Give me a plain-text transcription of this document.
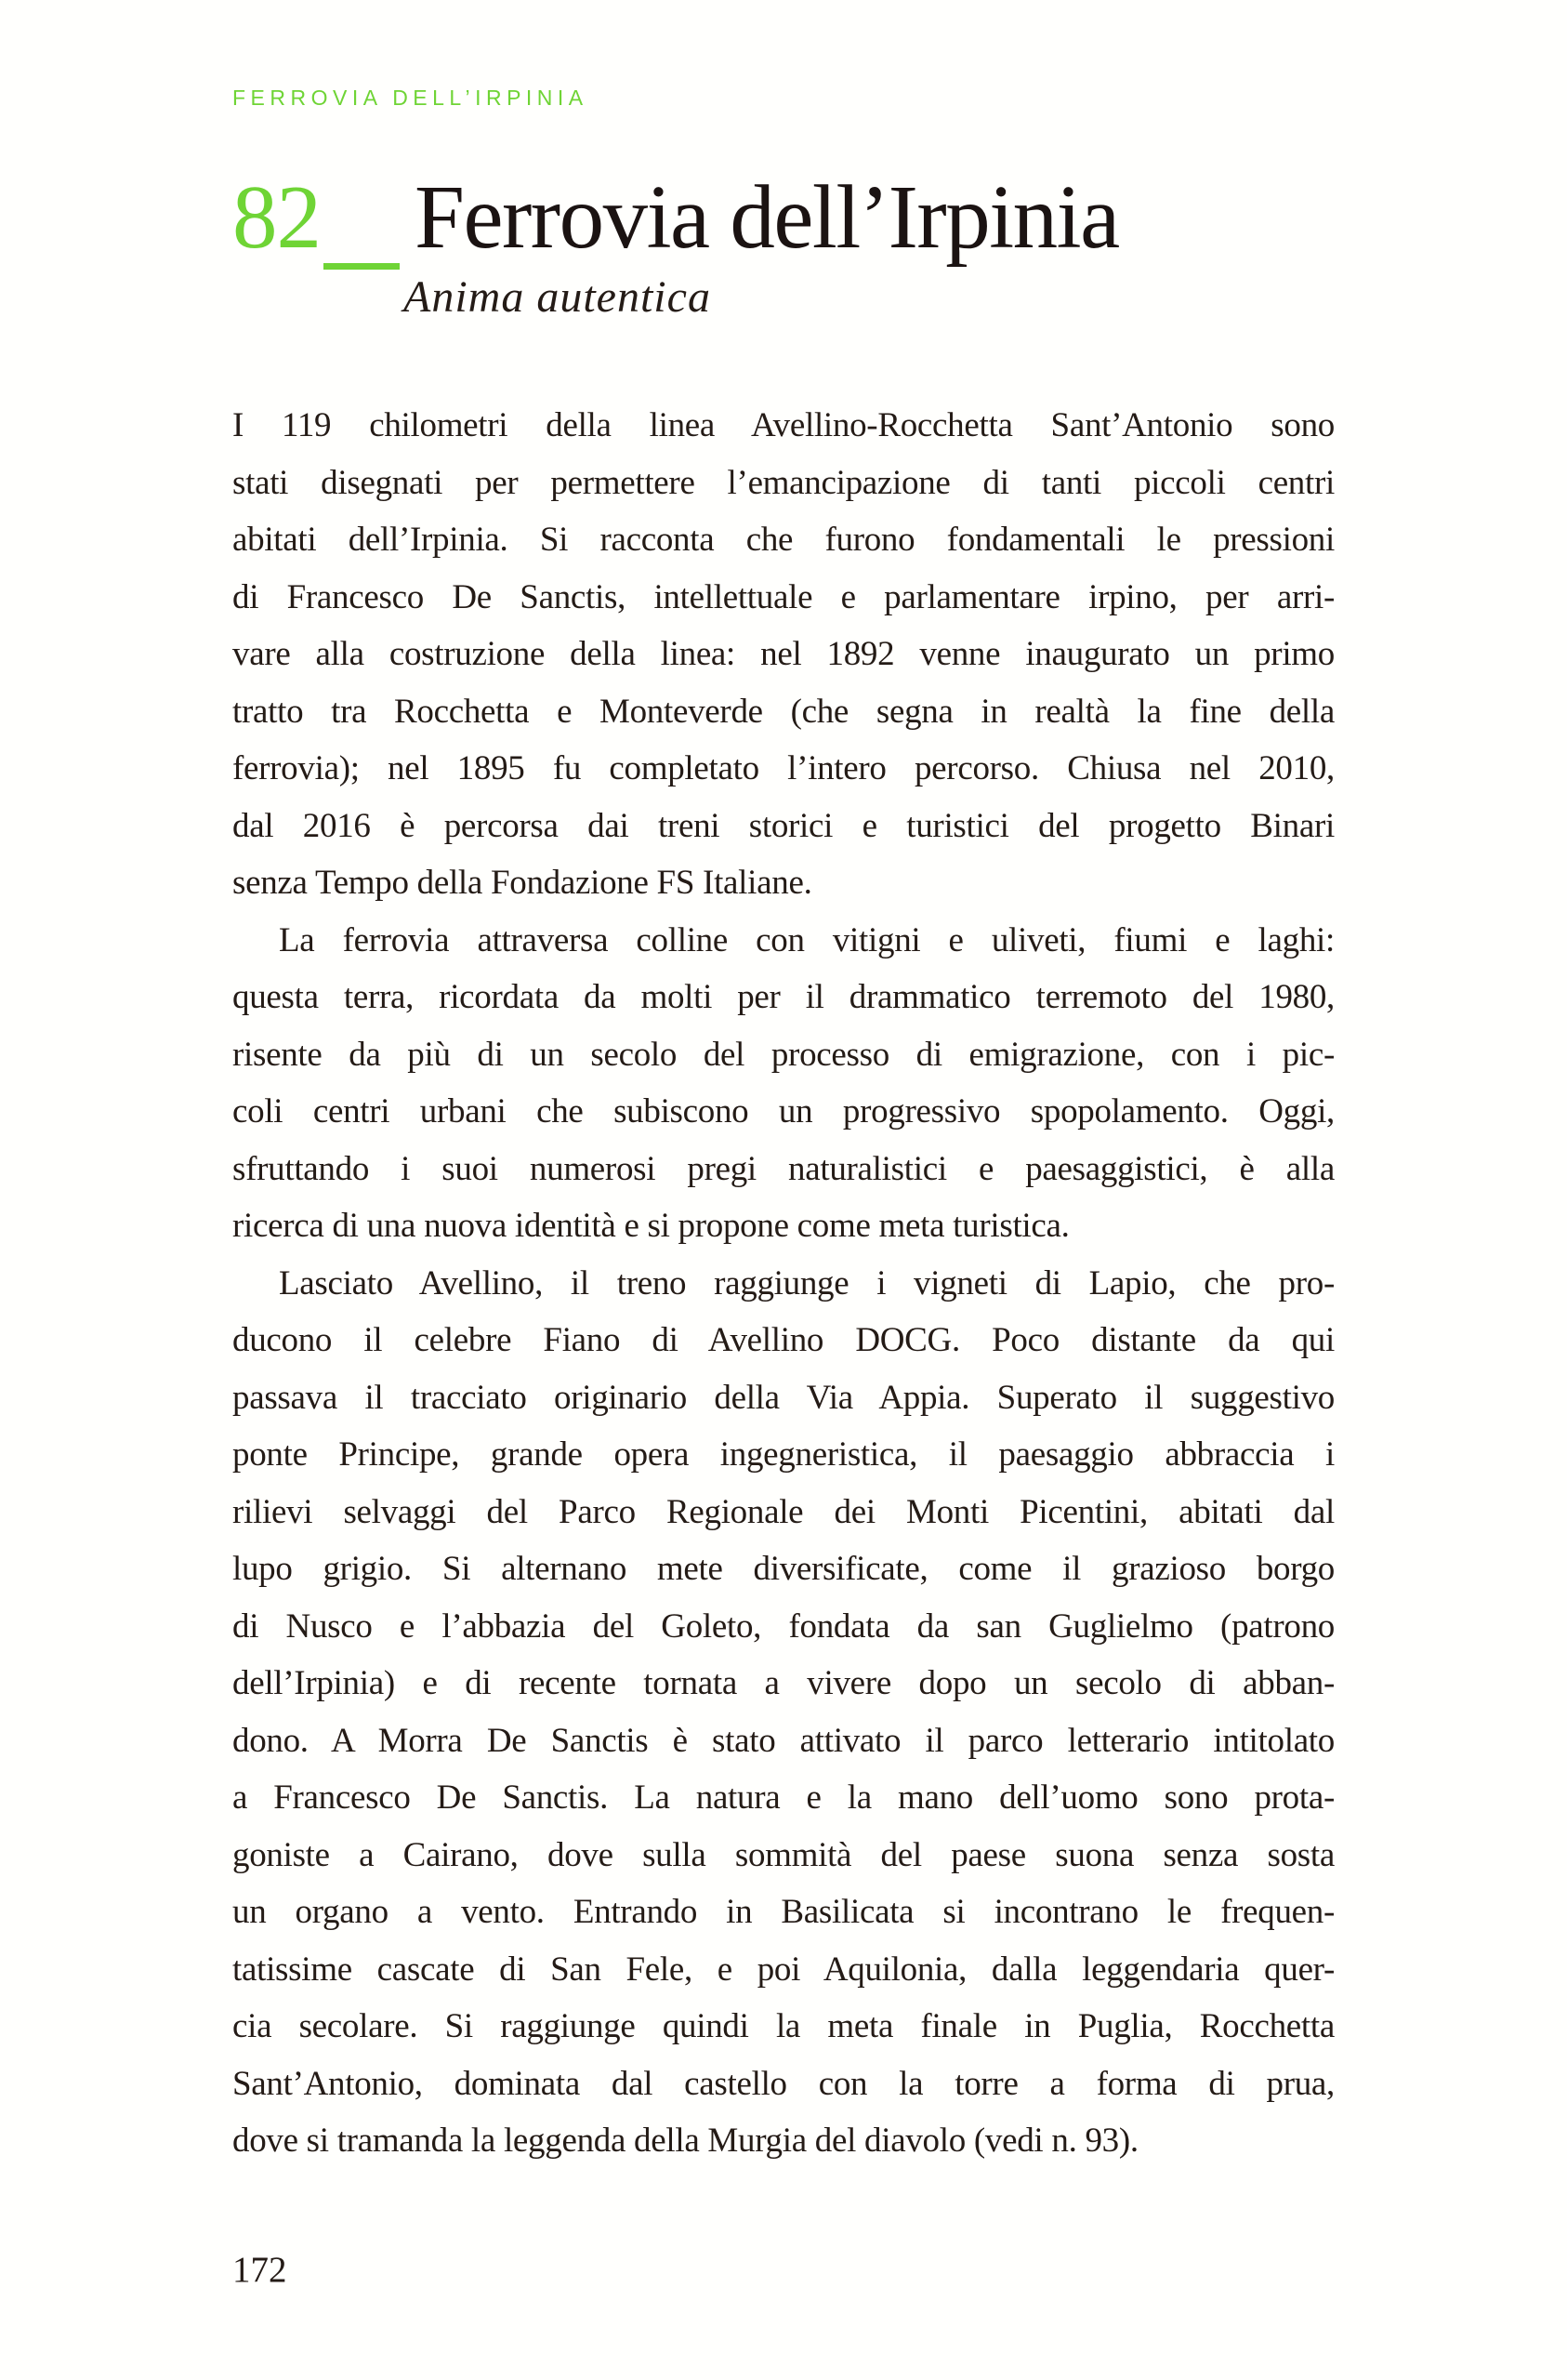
FERROVIA DELL’IRPINIA
82 Ferrovia dell’Irpinia
Anima autentica
I 119 chilometri della linea Avellino-Rocchetta Sant’Antonio sono
stati disegnati per permettere l’emancipazione di tanti piccoli centri
abitati dell’Irpinia. Si racconta che furono fondamentali le pressioni
di Francesco De Sanctis, intellettuale e parlamentare irpino, per arri-
vare alla costruzione della linea: nel 1892 venne inaugurato un primo
tratto tra Rocchetta e Monteverde (che segna in realtà la fine della
ferrovia); nel 1895 fu completato l’intero percorso. Chiusa nel 2010,
dal 2016 è percorsa dai treni storici e turistici del progetto Binari
senza Tempo della Fondazione FS Italiane.
La ferrovia attraversa colline con vitigni e uliveti, fiumi e laghi:
questa terra, ricordata da molti per il drammatico terremoto del 1980,
risente da più di un secolo del processo di emigrazione, con i pic-
coli centri urbani che subiscono un progressivo spopolamento. Oggi,
sfruttando i suoi numerosi pregi naturalistici e paesaggistici, è alla
ricerca di una nuova identità e si propone come meta turistica.
Lasciato Avellino, il treno raggiunge i vigneti di Lapio, che pro-
ducono il celebre Fiano di Avellino DOCG. Poco distante da qui
passava il tracciato originario della Via Appia. Superato il suggestivo
ponte Principe, grande opera ingegneristica, il paesaggio abbraccia i
rilievi selvaggi del Parco Regionale dei Monti Picentini, abitati dal
lupo grigio. Si alternano mete diversificate, come il grazioso borgo
di Nusco e l’abbazia del Goleto, fondata da san Guglielmo (patrono
dell’Irpinia) e di recente tornata a vivere dopo un secolo di abban-
dono. A Morra De Sanctis è stato attivato il parco letterario intitolato
a Francesco De Sanctis. La natura e la mano dell’uomo sono prota-
goniste a Cairano, dove sulla sommità del paese suona senza sosta
un organo a vento. Entrando in Basilicata si incontrano le frequen-
tatissime cascate di San Fele, e poi Aquilonia, dalla leggendaria quer-
cia secolare. Si raggiunge quindi la meta finale in Puglia, Rocchetta
Sant’Antonio, dominata dal castello con la torre a forma di prua,
dove si tramanda la leggenda della Murgia del diavolo (vedi n. 93).
172
